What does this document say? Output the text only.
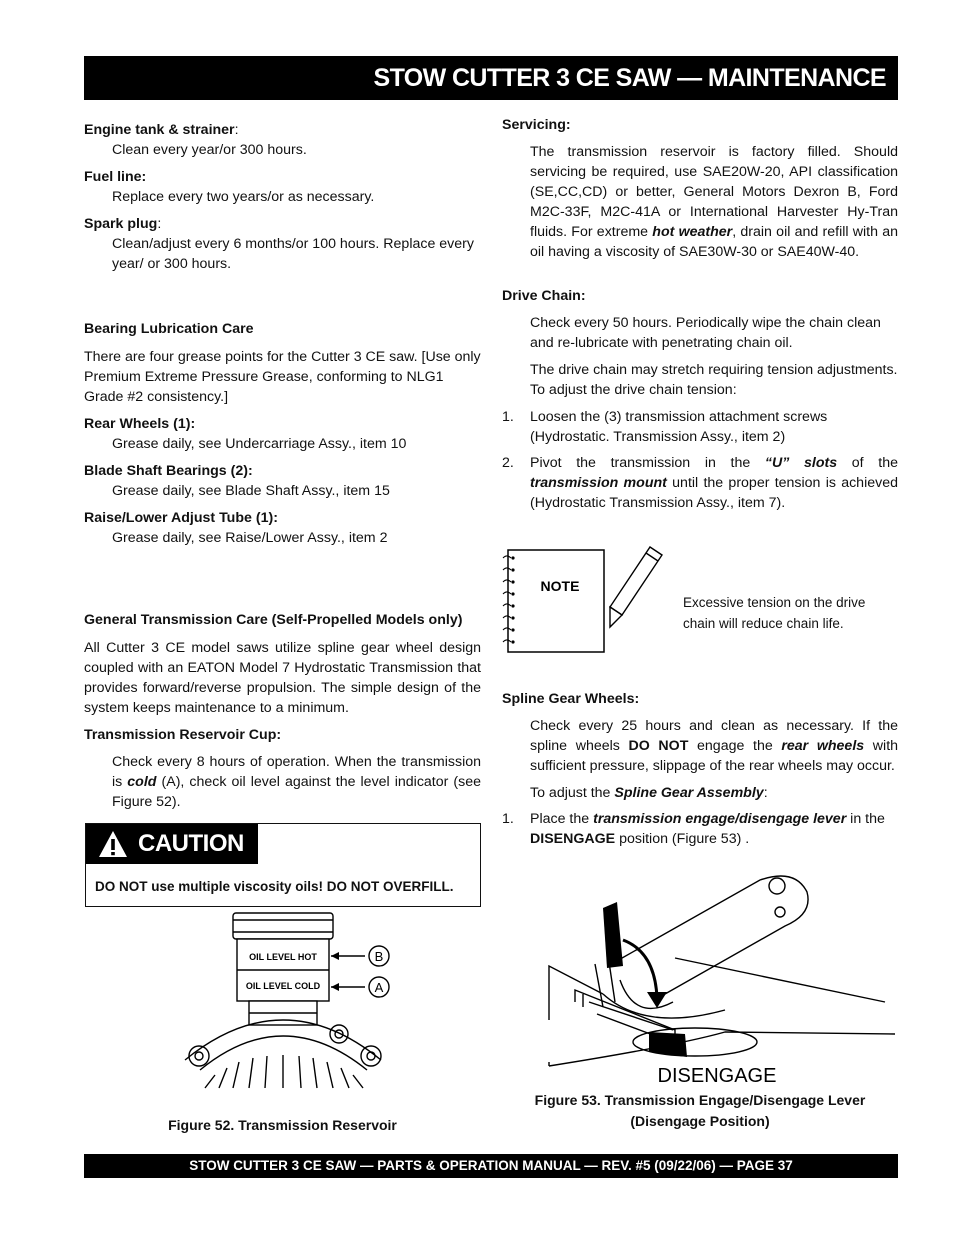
STOW CUTTER 3 CE SAW — MAINTENANCE

Engine tank & strainer:

Clean every year/or 300 hours.

Fuel line:

Replace every two years/or as necessary.

Spark plug:

Clean/adjust every 6 months/or 100 hours. Replace every year/ or 300 hours.

Bearing Lubrication Care

There are four grease points for the Cutter 3 CE saw. [Use only Premium Extreme Pressure Grease, conforming to NLG1 Grade #2 consistency.]

Rear Wheels (1):

Grease daily, see Undercarriage Assy., item 10

Blade Shaft Bearings (2):

Grease daily, see Blade Shaft Assy., item 15

Raise/Lower Adjust Tube (1):

Grease daily, see Raise/Lower Assy., item 2

General Transmission Care (Self-Propelled Models only)

All Cutter 3 CE model saws utilize spline gear wheel design coupled with an EATON Model 7 Hydrostatic Transmission that provides forward/reverse propulsion. The simple design of the system keeps maintenance to a minimum.

Transmission Reservoir Cup:

Check every 8 hours of operation. When the transmission is cold (A), check oil level against the level indicator (see Figure 52).

CAUTION
DO NOT use multiple viscosity oils! DO NOT OVERFILL.
OIL LEVEL HOT
OIL LEVEL COLD
B
A
Figure 52. Transmission Reservoir

Servicing:

The transmission reservoir is factory filled. Should servicing be required, use SAE20W-20, API classification (SE,CC,CD) or better, General Motors Dexron B, Ford M2C-33F, M2C-41A or International Harvester Hy-Tran fluids. For extreme hot weather, drain oil and refill with an oil having a viscosity of SAE30W-30 or SAE40W-40.

Drive Chain:

Check every 50 hours. Periodically wipe the chain clean and re-lubricate with penetrating chain oil.

The drive chain may stretch requiring tension adjustments. To adjust the drive chain tension:

1.	Loosen the (3) transmission attachment screws (Hydrostatic. Transmission Assy., item 2)
2.	Pivot the transmission in the “U” slots of the transmission mount until the proper tension is achieved (Hydrostatic Transmission Assy., item 7).
NOTE
Excessive tension on the drive chain will reduce chain life.

Spline Gear Wheels:

Check every 25 hours and clean as necessary. If the spline wheels DO NOT engage the rear wheels with sufficient pressure, slippage of the rear wheels may occur.

To adjust the Spline Gear Assembly:

1.	Place the transmission engage/disengage lever in the DISENGAGE position (Figure 53) .
DISENGAGE
Figure 53. Transmission Engage/Disengage Lever
(Disengage Position)
STOW CUTTER 3 CE SAW — PARTS & OPERATION MANUAL — REV. #5 (09/22/06) — PAGE 37
